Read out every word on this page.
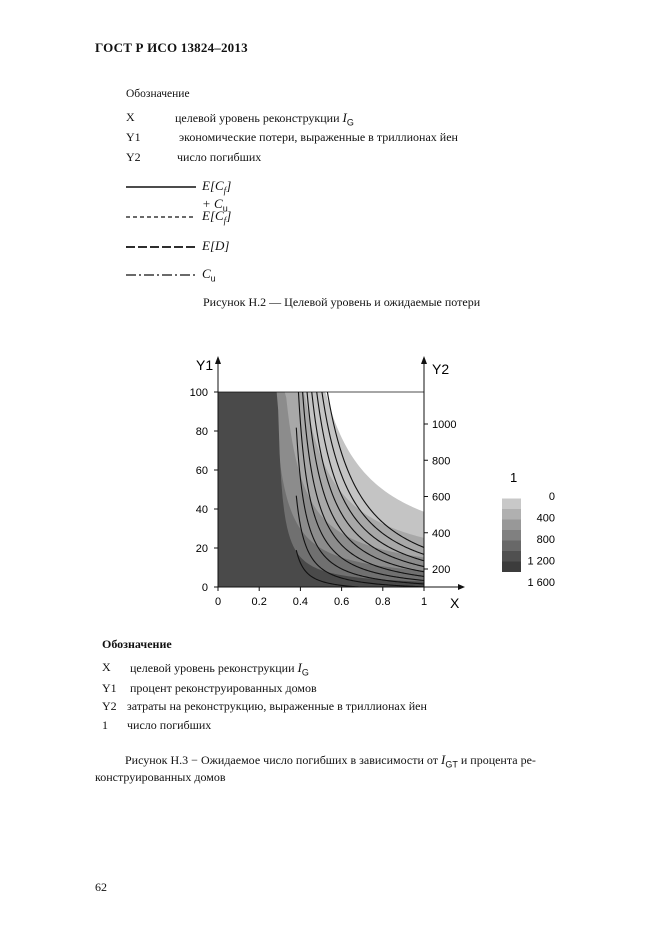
ГОСТ Р ИСО 13824–2013
Обозначение
X	целевой уровень реконструкции $I_G$
Y1	экономические потери, выраженные в триллионах йен
Y2	число погибших
$E[C_f] + C_u$
$E[C_f]$
E[D]
$C_u$
Рисунок Н.2 — Целевой уровень и ожидаемые потери
Y1	Y2
X
0	0.2 0.4 0.6 0.8	1
0
20
40
60
80
100
200
400
600
800
1000
1
0
400
800
1 200
1 600
Обозначение
X целевой уровень реконструкции $I_G$
Y1 процент реконструированных домов
Y2 затраты на реконструкцию, выраженные в триллионах йен
1 число погибших
Рисунок Н.3 − Ожидаемое число погибших в зависимости от $I_{GT}$ и процента ре-
конструированных домов
62
